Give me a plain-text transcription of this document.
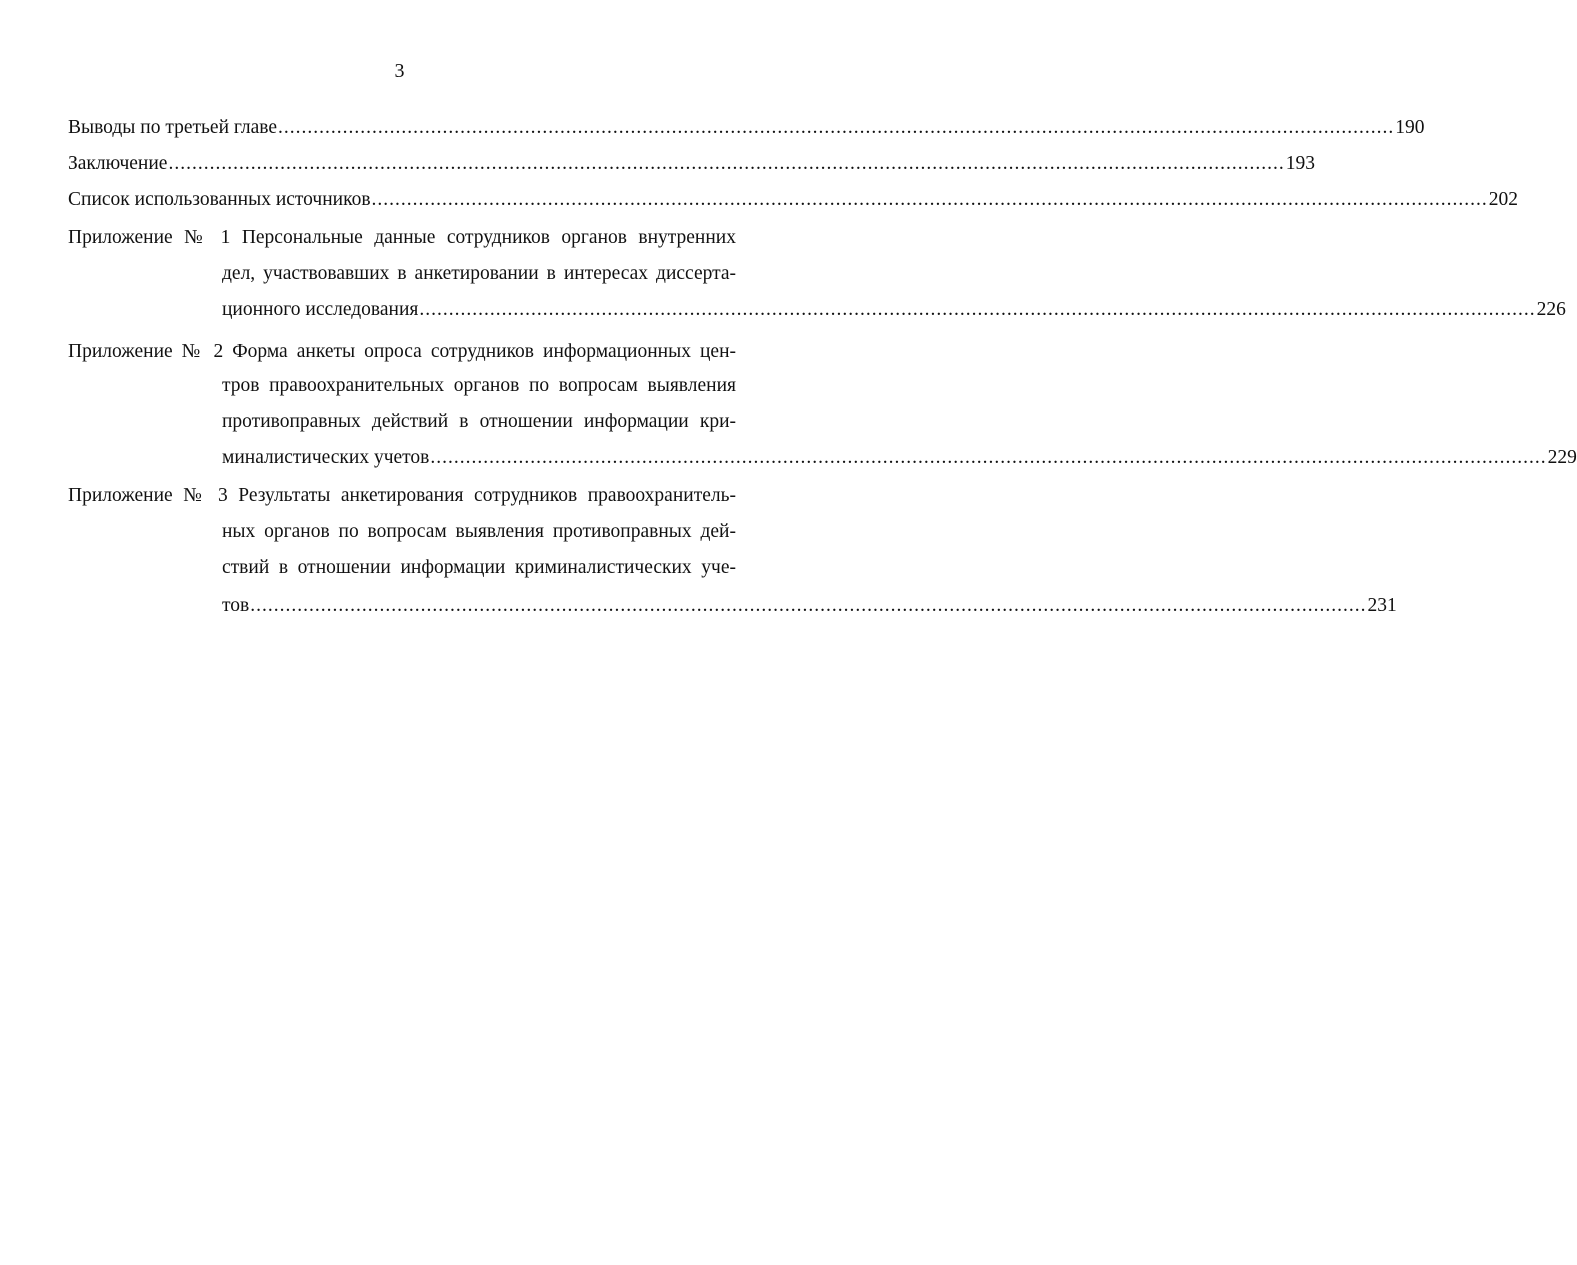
3
Выводы по третьей главе .............................................................................................................................................................................................. 190
Заключение .............................................................................................................................................................................................. 193
Список использованных источников .............................................................................................................................................................................................. 202
Приложение № 1 Персональные данные сотрудников органов внутренних
дел, участвовавших в анкетировании в интересах диссерта-
ционного исследования .............................................................................................................................................................................................. 226
Приложение № 2 Форма анкеты опроса сотрудников информационных цен-
тров правоохранительных органов по вопросам выявления
противоправных действий в отношении информации кри-
миналистических учетов .............................................................................................................................................................................................. 229
Приложение № 3 Результаты анкетирования сотрудников правоохранитель-
ных органов по вопросам выявления противоправных дей-
ствий в отношении информации криминалистических уче-
тов .............................................................................................................................................................................................. 231
